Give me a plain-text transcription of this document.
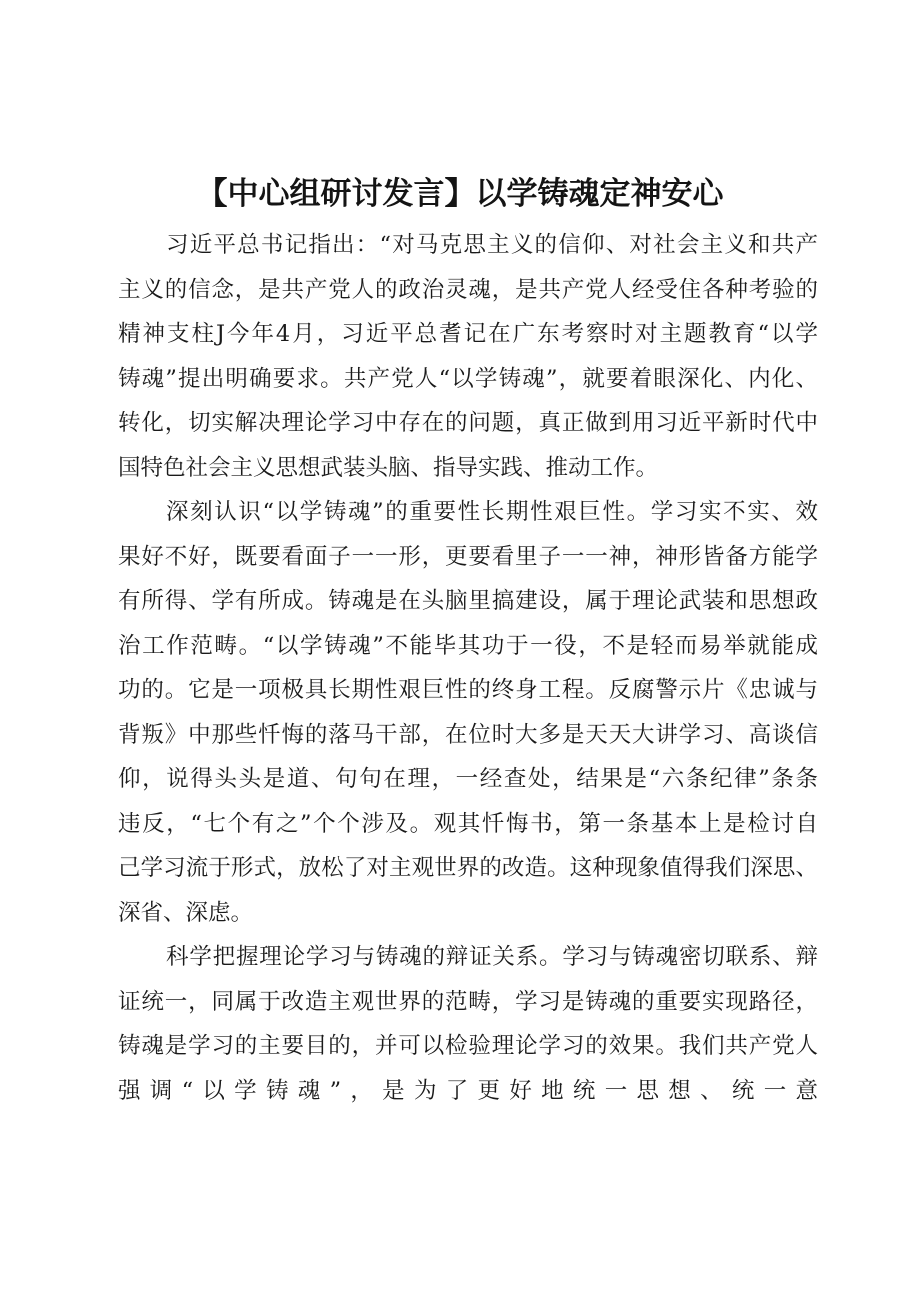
【中心组研讨发言】以学铸魂定神安心

习近平总书记指出：“对马克思主义的信仰、对社会主义和共产

主义的信念，是共产党人的政治灵魂，是共产党人经受住各种考验的

精神支柱J今年4月，习近平总耆记在广东考察时对主题教育“以学

铸魂”提出明确要求。共产党人“以学铸魂”，就要着眼深化、内化、

转化，切实解决理论学习中存在的问题，真正做到用习近平新时代中

国特色社会主义思想武装头脑、指导实践、推动工作。

深刻认识“以学铸魂”的重要性长期性艰巨性。学习实不实、效

果好不好，既要看面子一一形，更要看里子一一神，神形皆备方能学

有所得、学有所成。铸魂是在头脑里搞建设，属于理论武装和思想政

治工作范畴。“以学铸魂”不能毕其功于一役，不是轻而易举就能成

功的。它是一项极具长期性艰巨性的终身工程。反腐警示片《忠诚与

背叛》中那些忏悔的落马干部，在位时大多是天天大讲学习、高谈信

仰，说得头头是道、句句在理，一经查处，结果是“六条纪律”条条

违反，“七个有之”个个涉及。观其忏悔书，第一条基本上是检讨自

己学习流于形式，放松了对主观世界的改造。这种现象值得我们深思、

深省、深虑。

科学把握理论学习与铸魂的辩证关系。学习与铸魂密切联系、辩

证统一，同属于改造主观世界的范畴，学习是铸魂的重要实现路径，

铸魂是学习的主要目的，并可以检验理论学习的效果。我们共产党人

强调“以学铸魂”，是为了更好地统一思想、统一意
